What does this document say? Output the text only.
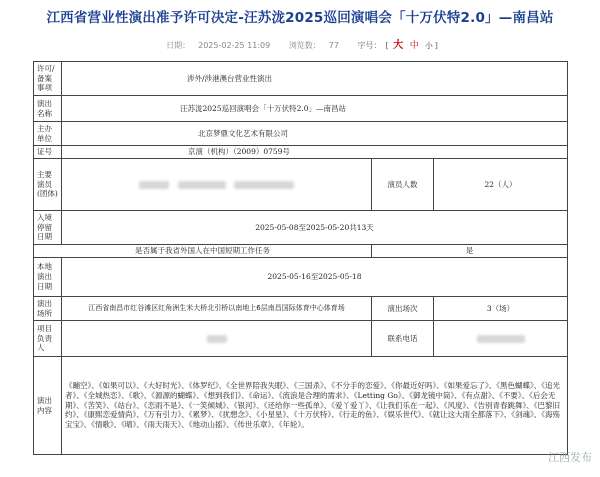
江西省营业性演出准予许可决定-汪苏泷2025巡回演唱会「十万伏特2.0」—南昌站
日期： 2025-02-25 11:09 浏览数： 77 字号： [ 大 中 小 ]
许可/备案事项	涉外/涉港澳台营业性演出		
演出名称	汪苏泷2025巡回演唱会「十万伏特2.0」—南昌站		
主办单位	北京梦鼎文化艺术有限公司		
证号	京演（机构）（2009）0759号		
主要演员(团体)		演员人数	22（人）
入境停留日期	2025-05-08至2025-05-20共13天		
是否属于我省外国人在中国短期工作任务		是	
本地演出日期	2025-05-16至2025-05-18		
演出场所	江西省南昌市红谷滩区红角洲生米大桥北引桥以南地上6层南昌国际体育中心体育场	演出场次	3（场）
项目负责人		联系电话	
演出内容	《蹦空》、《如果可以》、《大好时光》、《体罗纪》、《全世界陪我失眠》、《三国杀》、《不分手的恋爱》、《你最近好吗》、《如果爱忘了》、《黑色蝴蝶》、《追光者》、《全城热恋》、《歌》、《源源的蝴蝶》、《想到我们》、《命运》、《流浪是合理的需求》、《Letting Go》、《御龙镜中筒》、《有点甜》、《不要》、《后会无期》、《苦笑》、《站台》、《恋雨不是》、《一笑倾城》、《银河》、《还给你一些孤单》、《爱丫爱丫》、《让我们乐在一起》、《风度》、《告别青春跳舞》、《巴黎旧约》、《康熙恋爱情尚》、《万有引力》、《累梦》、《扰想念》、《小星星》、《十万伏特》、《行走的鱼》、《娱乐世代》、《就让这大雨全都落下》、《剑魂》、《海殇宝宝》、《情歌》、《晴》、《雨天雨天》、《地动山摇》、《传世乐章》、《年轮》。		
江西发布
